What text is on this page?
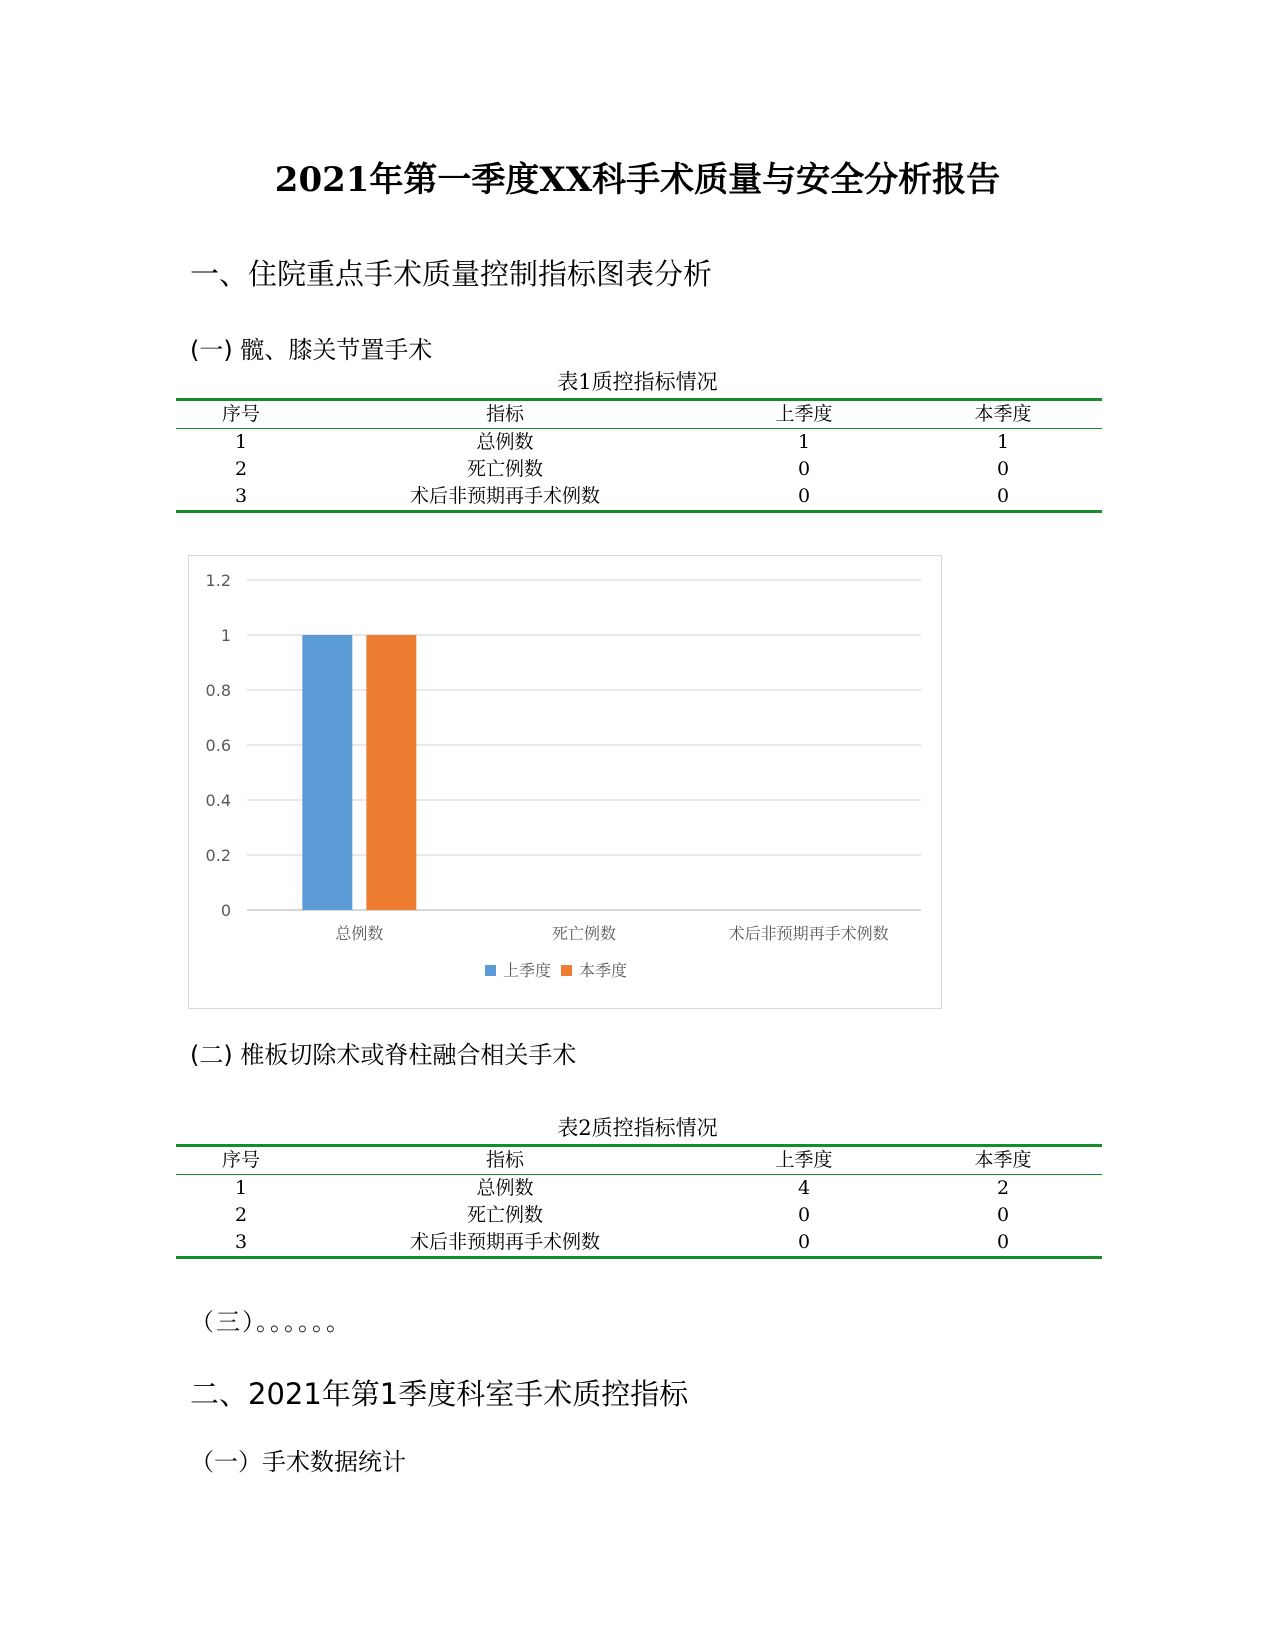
2021年第一季度XX科手术质量与安全分析报告
一、住院重点手术质量控制指标图表分析
(一) 髋、膝关节置手术
表1质控指标情况
序号	指标	上季度	本季度
1	总例数	1	1
2	死亡例数	0	0
3	术后非预期再手术例数	0	0
0
0.2
0.4
0.6
0.8
1
1.2
总例数	死亡例数	术后非预期再手术例数
上季度 本季度
(二) 椎板切除术或脊柱融合相关手术
表2质控指标情况
序号	指标	上季度	本季度
1	总例数	4	2
2	死亡例数	0	0
3	术后非预期再手术例数	0	0
（三）。。。。。。
二、2021年第1季度科室手术质控指标
（一）手术数据统计
